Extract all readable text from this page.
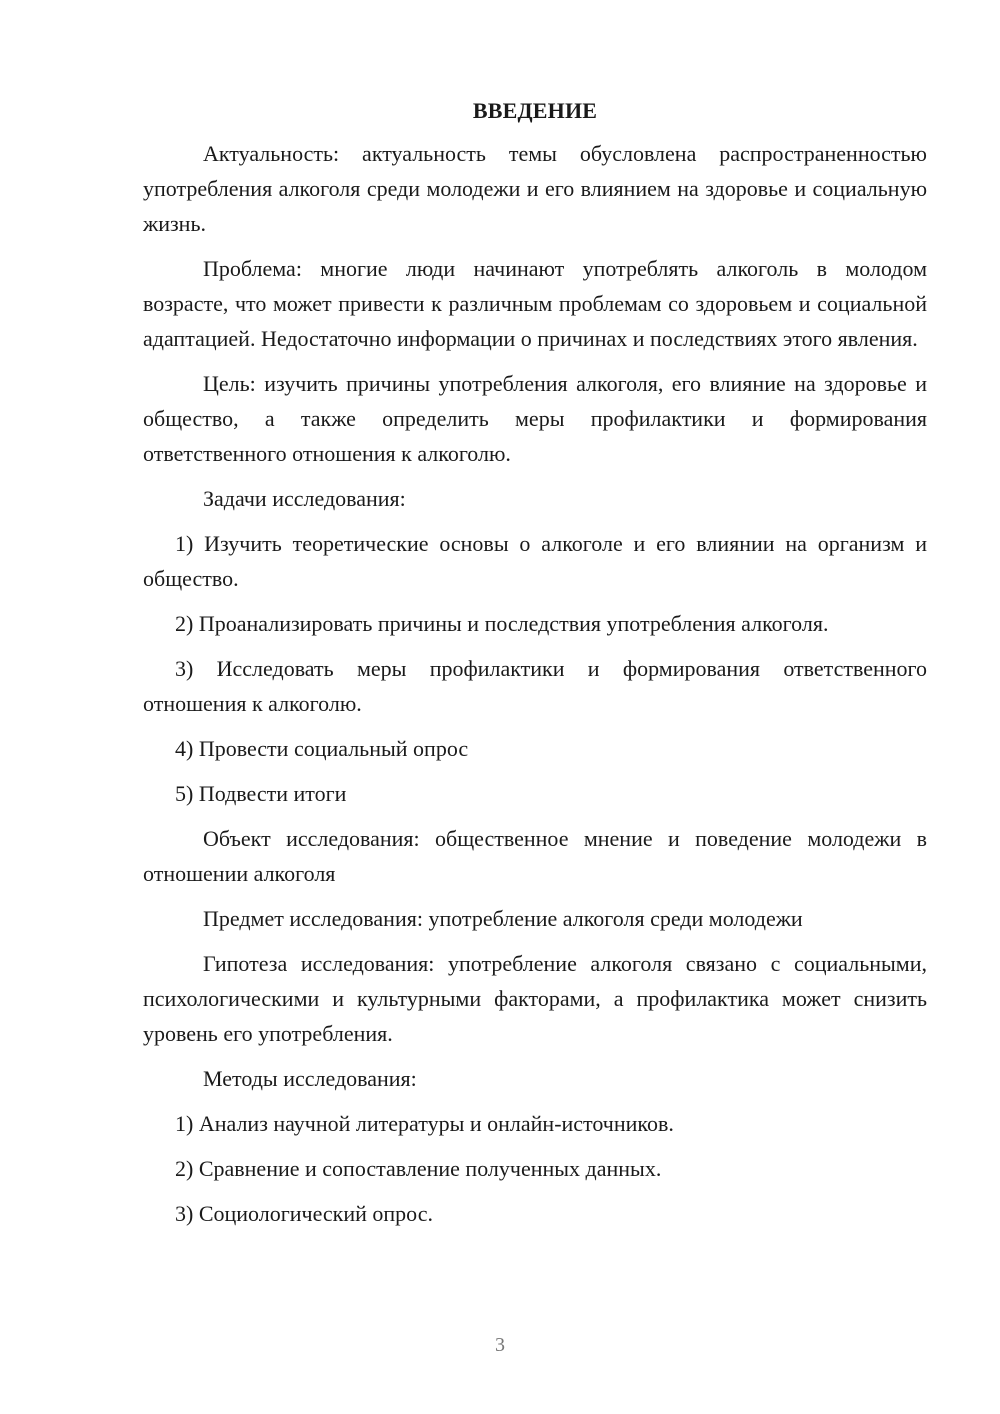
ВВЕДЕНИЕ

Актуальность: актуальность темы обусловлена распространенностью употребления алкоголя среди молодежи и его влиянием на здоровье и социальную жизнь.

Проблема: многие люди начинают употреблять алкоголь в молодом возрасте, что может привести к различным проблемам со здоровьем и социальной адаптацией. Недостаточно информации о причинах и последствиях этого явления.

Цель: изучить причины употребления алкоголя, его влияние на здоровье и общество, а также определить меры профилактики и формирования ответственного отношения к алкоголю.

Задачи исследования:

1) Изучить теоретические основы о алкоголе и его влиянии на организм и общество.

2) Проанализировать причины и последствия употребления алкоголя.

3) Исследовать меры профилактики и формирования ответственного отношения к алкоголю.

4) Провести социальный опрос

5) Подвести итоги

Объект исследования: общественное мнение и поведение молодежи в отношении алкоголя

Предмет исследования: употребление алкоголя среди молодежи

Гипотеза исследования: употребление алкоголя связано с социальными, психологическими и культурными факторами, а профилактика может снизить уровень его употребления.

Методы исследования:

1) Анализ научной литературы и онлайн-источников.

2) Сравнение и сопоставление полученных данных.

3) Социологический опрос.

3
